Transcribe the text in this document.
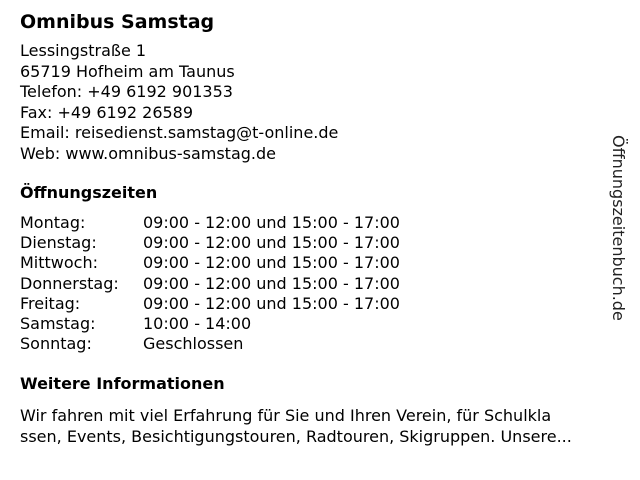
Omnibus Samstag
Lessingstraße 1
65719 Hofheim am Taunus
Telefon: +49 6192 901353
Fax: +49 6192 26589
Email: reisedienst.samstag@t-online.de
Web: www.omnibus-samstag.de
Öffnungszeiten
Montag:	09:00 - 12:00 und 15:00 - 17:00
Dienstag:	09:00 - 12:00 und 15:00 - 17:00
Mittwoch:	09:00 - 12:00 und 15:00 - 17:00
Donnerstag:	09:00 - 12:00 und 15:00 - 17:00
Freitag:	09:00 - 12:00 und 15:00 - 17:00
Samstag:	10:00 - 14:00
Sonntag:	Geschlossen
Weitere Informationen
Wir fahren mit viel Erfahrung für Sie und Ihren Verein, für Schulkla
ssen, Events, Besichtigungstouren, Radtouren, Skigruppen. Unsere...
Öffnungszeitenbuch.de
